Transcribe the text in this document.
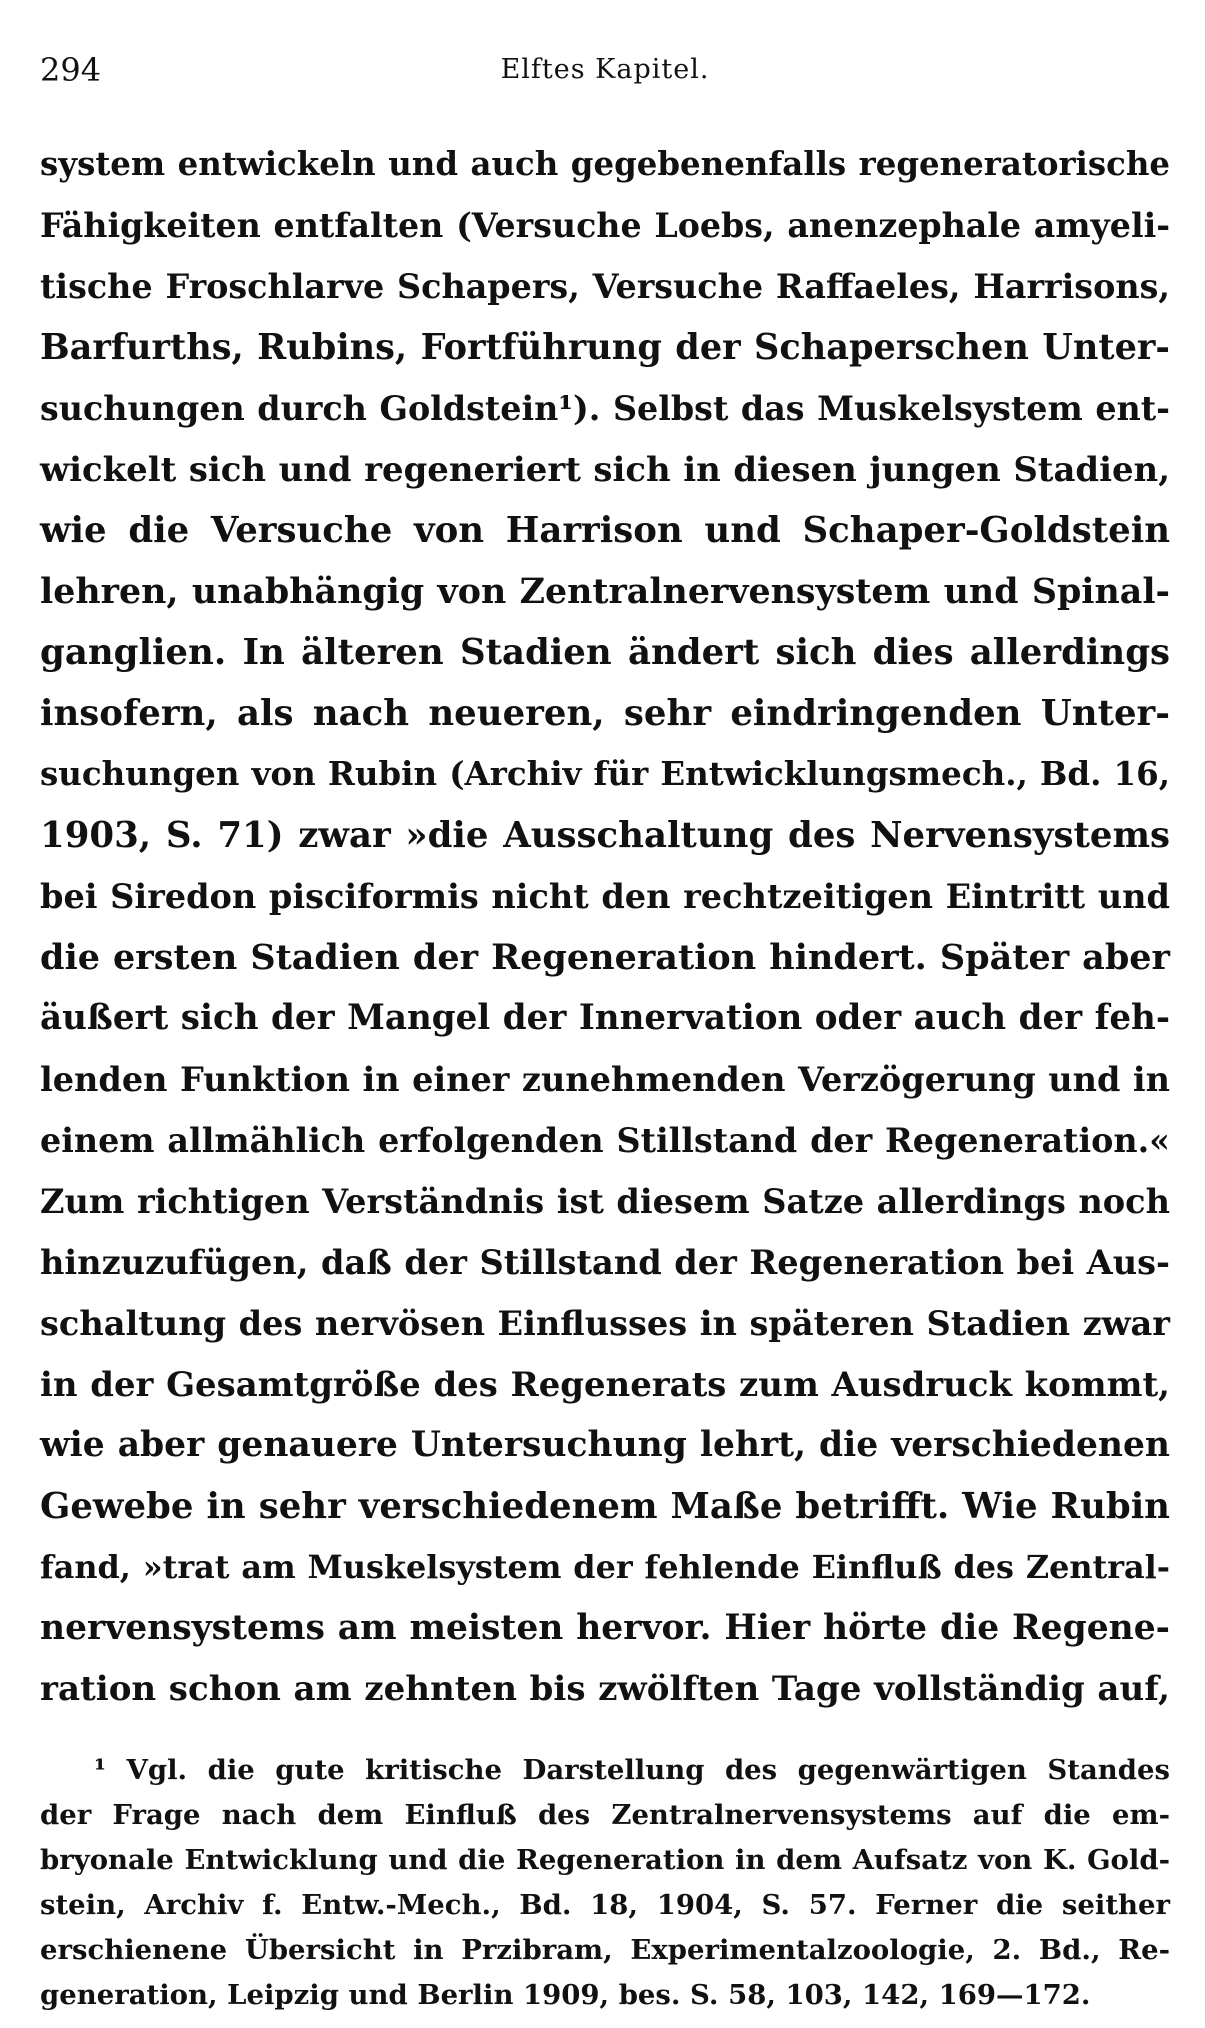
294	Elftes Kapitel.
system entwickeln und auch gegebenenfalls regeneratorische
Fähigkeiten entfalten (Versuche Loebs, anenzephale amyeli-
tische Froschlarve Schapers, Versuche Raffaeles, Harrisons,
Barfurths, Rubins, Fortführung der Schaperschen Unter-
suchungen durch Goldstein¹). Selbst das Muskelsystem ent-
wickelt sich und regeneriert sich in diesen jungen Stadien,
wie die Versuche von Harrison und Schaper-Goldstein
lehren, unabhängig von Zentralnervensystem und Spinal-
ganglien. In älteren Stadien ändert sich dies allerdings
insofern, als nach neueren, sehr eindringenden Unter-
suchungen von Rubin (Archiv für Entwicklungsmech., Bd. 16,
1903, S. 71) zwar »die Ausschaltung des Nervensystems
bei Siredon pisciformis nicht den rechtzeitigen Eintritt und
die ersten Stadien der Regeneration hindert. Später aber
äußert sich der Mangel der Innervation oder auch der feh-
lenden Funktion in einer zunehmenden Verzögerung und in
einem allmählich erfolgenden Stillstand der Regeneration.«
Zum richtigen Verständnis ist diesem Satze allerdings noch
hinzuzufügen, daß der Stillstand der Regeneration bei Aus-
schaltung des nervösen Einflusses in späteren Stadien zwar
in der Gesamtgröße des Regenerats zum Ausdruck kommt,
wie aber genauere Untersuchung lehrt, die verschiedenen
Gewebe in sehr verschiedenem Maße betrifft. Wie Rubin
fand, »trat am Muskelsystem der fehlende Einfluß des Zentral-
nervensystems am meisten hervor. Hier hörte die Regene-
ration schon am zehnten bis zwölften Tage vollständig auf,
¹ Vgl. die gute kritische Darstellung des gegenwärtigen Standes
der Frage nach dem Einfluß des Zentralnervensystems auf die em-
bryonale Entwicklung und die Regeneration in dem Aufsatz von K. Gold-
stein, Archiv f. Entw.-Mech., Bd. 18, 1904, S. 57. Ferner die seither
erschienene Übersicht in Przibram, Experimentalzoologie, 2. Bd., Re-
generation, Leipzig und Berlin 1909, bes. S. 58, 103, 142, 169—172.
